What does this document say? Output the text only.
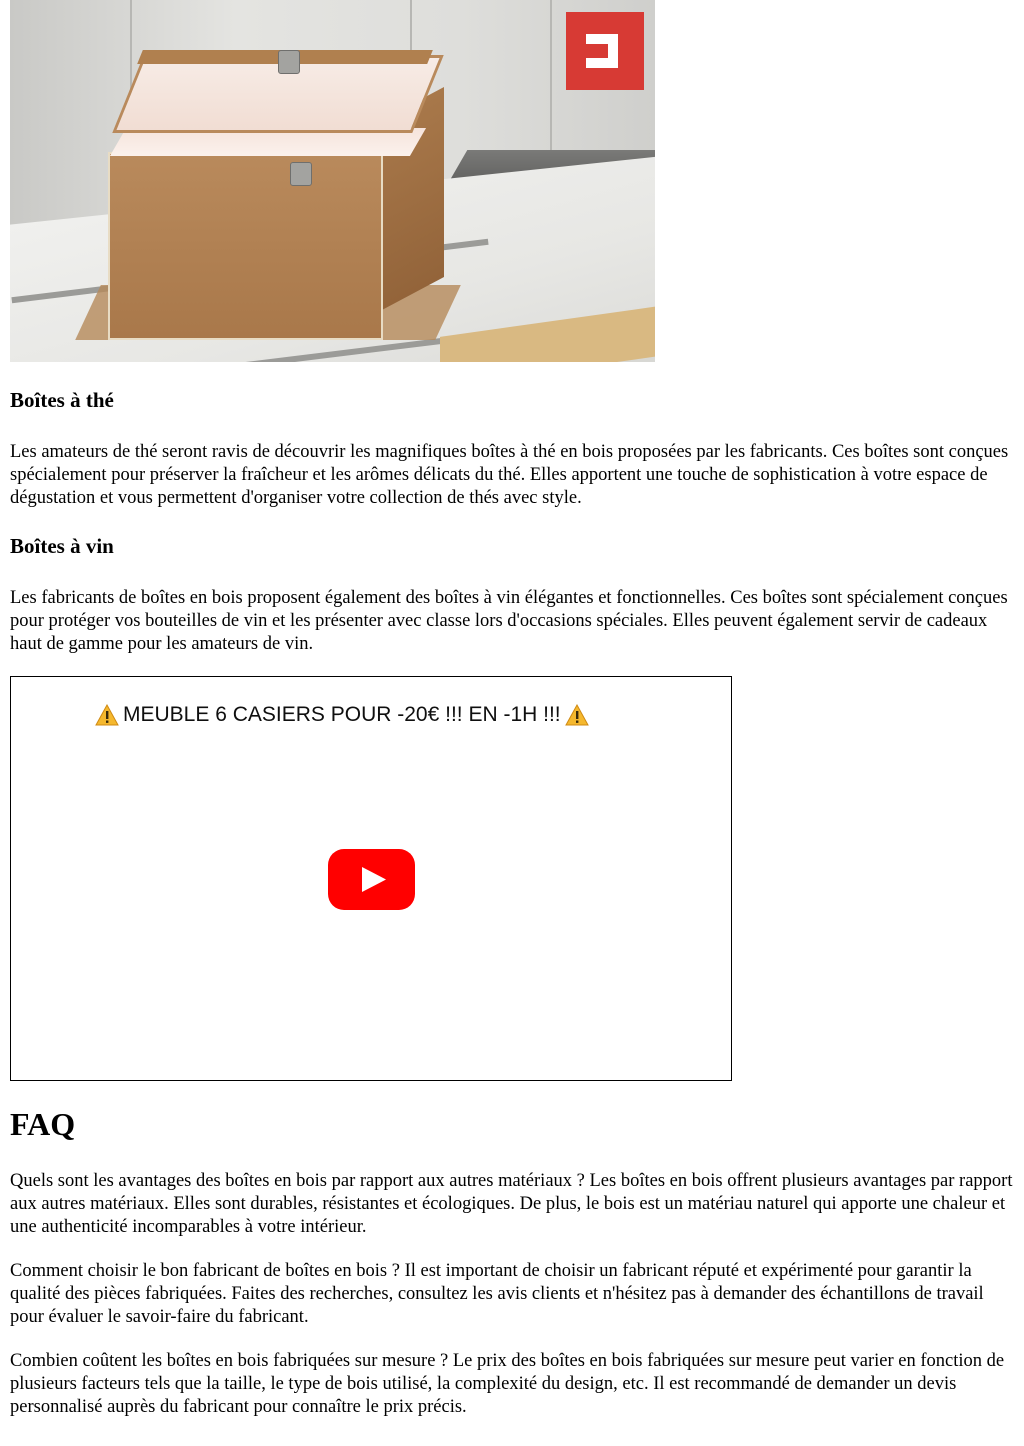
Boîtes à thé

Les amateurs de thé seront ravis de découvrir les magnifiques boîtes à thé en bois proposées par les fabricants. Ces boîtes sont conçues spécialement pour préserver la fraîcheur et les arômes délicats du thé. Elles apportent une touche de sophistication à votre espace de dégustation et vous permettent d'organiser votre collection de thés avec style.

Boîtes à vin

Les fabricants de boîtes en bois proposent également des boîtes à vin élégantes et fonctionnelles. Ces boîtes sont spécialement conçues pour protéger vos bouteilles de vin et les présenter avec classe lors d'occasions spéciales. Elles peuvent également servir de cadeaux haut de gamme pour les amateurs de vin.

MEUBLE 6 CASIERS POUR -20€ !!! EN -1H !!!
FAQ

Quels sont les avantages des boîtes en bois par rapport aux autres matériaux ? Les boîtes en bois offrent plusieurs avantages par rapport aux autres matériaux. Elles sont durables, résistantes et écologiques. De plus, le bois est un matériau naturel qui apporte une chaleur et une authenticité incomparables à votre intérieur.

Comment choisir le bon fabricant de boîtes en bois ? Il est important de choisir un fabricant réputé et expérimenté pour garantir la qualité des pièces fabriquées. Faites des recherches, consultez les avis clients et n'hésitez pas à demander des échantillons de travail pour évaluer le savoir-faire du fabricant.

Combien coûtent les boîtes en bois fabriquées sur mesure ? Le prix des boîtes en bois fabriquées sur mesure peut varier en fonction de plusieurs facteurs tels que la taille, le type de bois utilisé, la complexité du design, etc. Il est recommandé de demander un devis personnalisé auprès du fabricant pour connaître le prix précis.
